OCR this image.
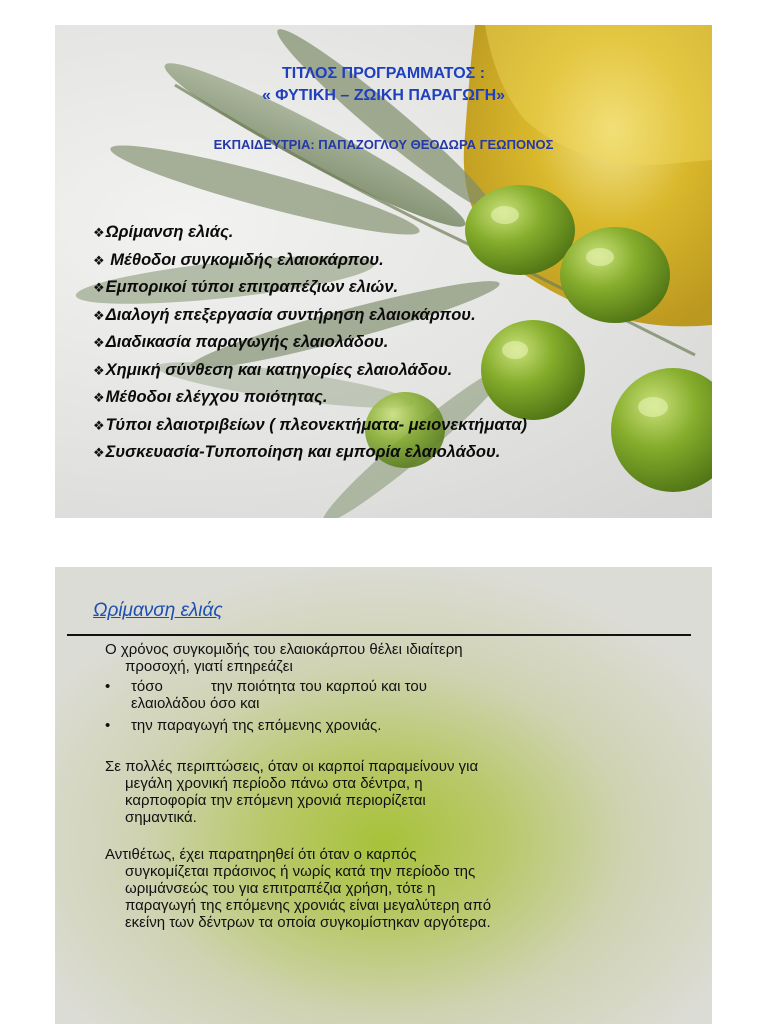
ΤΙΤΛΟΣ ΠΡΟΓΡΑΜΜΑΤΟΣ :
« ΦΥΤΙΚΗ – ΖΩΙΚΗ ΠΑΡΑΓΩΓΗ»
ΕΚΠΑΙΔΕΥΤΡΙΑ: ΠΑΠΑΖΟΓΛΟΥ ΘΕΟΔΩΡΑ ΓΕΩΠΟΝΟΣ
❖Ωρίμανση ελιάς.
❖ Μέθοδοι συγκομιδής ελαιοκάρπου.
❖Εμπορικοί τύποι επιτραπέζιων ελιών.
❖Διαλογή επεξεργασία συντήρηση ελαιοκάρπου.
❖Διαδικασία παραγωγής ελαιολάδου.
❖Χημική σύνθεση και κατηγορίες ελαιολάδου.
❖Μέθοδοι ελέγχου ποιότητας.
❖Τύποι ελαιοτριβείων ( πλεονεκτήματα- μειονεκτήματα)
❖Συσκευασία-Τυποποίηση και εμπορία ελαιολάδου.
Ωρίμανση ελιάς

Ο χρόνος συγκομιδής του ελαιοκάρπου θέλει ιδιαίτερη
προσοχή, γιατί επηρεάζει

• τόσο	την ποιότητα του καρπού και του
ελαιολάδου όσο και

• την παραγωγή της επόμενης χρονιάς.

Σε πολλές περιπτώσεις, όταν οι καρποί παραμείνουν για
μεγάλη χρονική περίοδο πάνω στα δέντρα, η
καρποφορία την επόμενη χρονιά περιορίζεται
σημαντικά.

Αντιθέτως, έχει παρατηρηθεί ότι όταν ο καρπός
συγκομίζεται πράσινος ή νωρίς κατά την περίοδο της
ωριμάνσεώς του για επιτραπέζια χρήση, τότε η
παραγωγή της επόμενης χρονιάς είναι μεγαλύτερη από
εκείνη των δέντρων τα οποία συγκομίστηκαν αργότερα.
